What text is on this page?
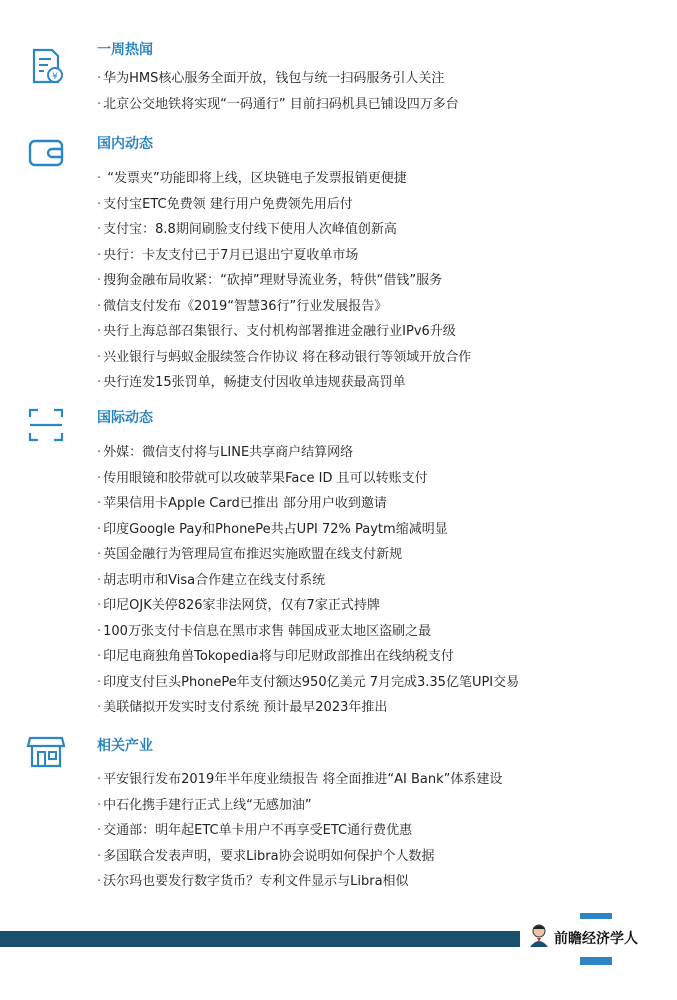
¥
一周热闻
· 华为HMS核心服务全面开放，钱包与统一扫码服务引人关注
· 北京公交地铁将实现“一码通行” 目前扫码机具已铺设四万多台
国内动态
· “发票夹”功能即将上线，区块链电子发票报销更便捷
· 支付宝ETC免费领 建行用户免费领先用后付
· 支付宝：8.8期间刷脸支付线下使用人次峰值创新高
· 央行：卡友支付已于7月已退出宁夏收单市场
· 搜狗金融布局收紧：“砍掉”理财导流业务，特供“借钱”服务
· 微信支付发布《2019“智慧36行”行业发展报告》
· 央行上海总部召集银行、支付机构部署推进金融行业IPv6升级
· 兴业银行与蚂蚁金服续签合作协议 将在移动银行等领域开放合作
· 央行连发15张罚单，畅捷支付因收单违规获最高罚单
国际动态
· 外媒：微信支付将与LINE共享商户结算网络
· 传用眼镜和胶带就可以攻破苹果Face ID 且可以转账支付
· 苹果信用卡Apple Card已推出 部分用户收到邀请
· 印度Google Pay和PhonePe共占UPI 72% Paytm缩减明显
· 英国金融行为管理局宣布推迟实施欧盟在线支付新规
· 胡志明市和Visa合作建立在线支付系统
· 印尼OJK关停826家非法网贷，仅有7家正式持牌
· 100万张支付卡信息在黑市求售 韩国成亚太地区盗刷之最
· 印尼电商独角兽Tokopedia将与印尼财政部推出在线纳税支付
· 印度支付巨头PhonePe年支付额达950亿美元 7月完成3.35亿笔UPI交易
· 美联储拟开发实时支付系统 预计最早2023年推出
相关产业
· 平安银行发布2019年半年度业绩报告 将全面推进“AI Bank”体系建设
· 中石化携手建行正式上线“无感加油”
· 交通部：明年起ETC单卡用户不再享受ETC通行费优惠
· 多国联合发表声明，要求Libra协会说明如何保护个人数据
· 沃尔玛也要发行数字货币？专利文件显示与Libra相似
前瞻经济学人
